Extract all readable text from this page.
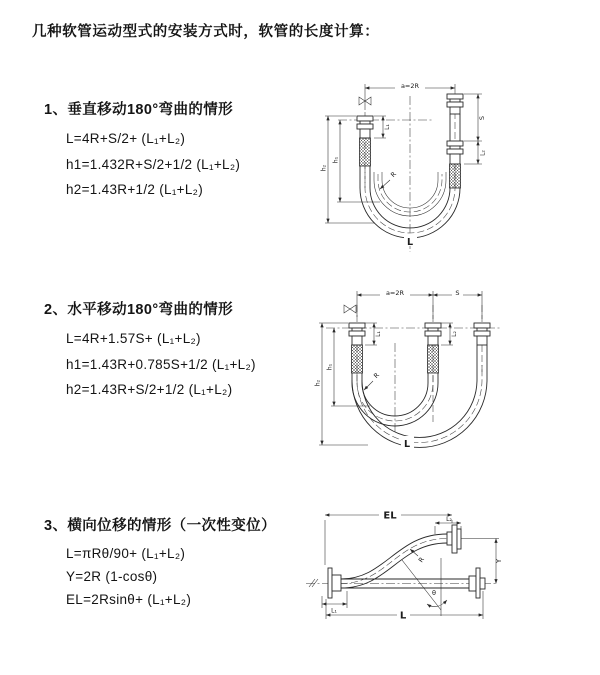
几种软管运动型式的安装方式时，软管的长度计算：
1、垂直移动180°弯曲的情形
L=4R+S/2+ (L₁+L₂)
h1=1.432R+S/2+1/2 (L₁+L₂)
h2=1.43R+1/2 (L₁+L₂)
a=2R
S
L₂
h₂
h₁
L₁
R
L
2、水平移动180°弯曲的情形
L=4R+1.57S+ (L₁+L₂)
h1=1.43R+0.785S+1/2 (L₁+L₂)
h2=1.43R+S/2+1/2 (L₁+L₂)
a=2R	S
h₂
h₁
L₁	L₂
R
L
3、横向位移的情形（一次性变位）
L=πRθ/90+ (L₁+L₂)
Y=2R (1-cosθ)
EL=2Rsinθ+ (L₁+L₂)
EL	L₂
Y
R
θ
L
L₁
